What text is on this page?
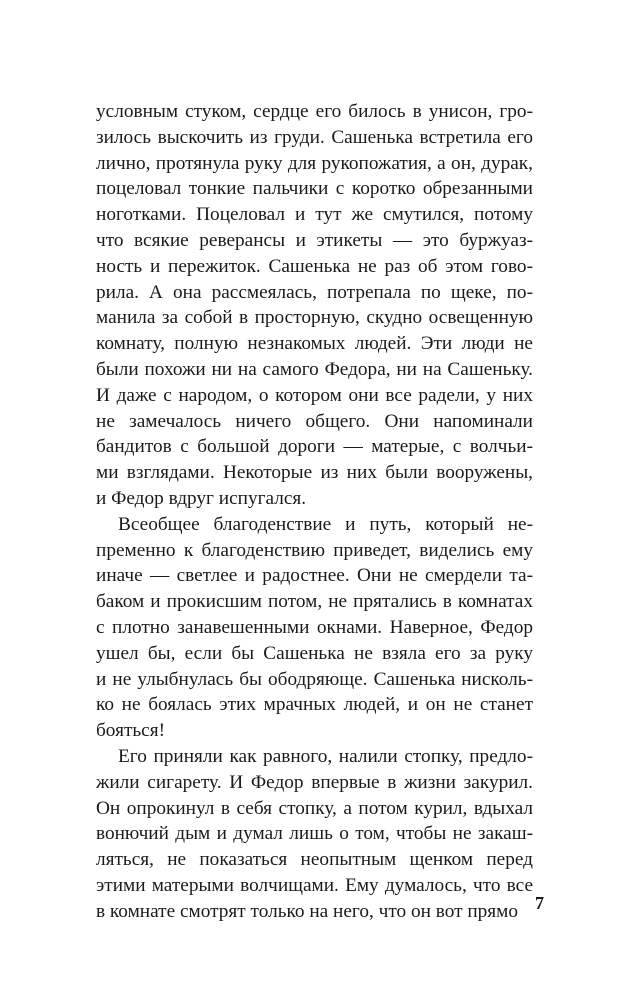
условным стуком, сердце его билось в унисон, гро-
зилось выскочить из груди. Сашенька встретила его
лично, протянула руку для рукопожатия, а он, дурак,
поцеловал тонкие пальчики с коротко обрезанными
ноготками. Поцеловал и тут же смутился, потому
что всякие реверансы и этикеты — это буржуаз-
ность и пережиток. Сашенька не раз об этом гово-
рила. А она рассмеялась, потрепала по щеке, по-
манила за собой в просторную, скудно освещенную
комнату, полную незнакомых людей. Эти люди не
были похожи ни на самого Федора, ни на Сашеньку.
И даже с народом, о котором они все радели, у них
не замечалось ничего общего. Они напоминали
бандитов с большой дороги — матерые, с волчьи-
ми взглядами. Некоторые из них были вооружены,
и Федор вдруг испугался.
Всеобщее благоденствие и путь, который не-
пременно к благоденствию приведет, виделись ему
иначе — светлее и радостнее. Они не смердели та-
баком и прокисшим потом, не прятались в комнатах
с плотно занавешенными окнами. Наверное, Федор
ушел бы, если бы Сашенька не взяла его за руку
и не улыбнулась бы ободряюще. Сашенька нисколь-
ко не боялась этих мрачных людей, и он не станет
бояться!
Его приняли как равного, налили стопку, предло-
жили сигарету. И Федор впервые в жизни закурил.
Он опрокинул в себя стопку, а потом курил, вдыхал
вонючий дым и думал лишь о том, чтобы не закаш-
ляться, не показаться неопытным щенком перед
этими матерыми волчищами. Ему думалось, что все
в комнате смотрят только на него, что он вот прямо 7
